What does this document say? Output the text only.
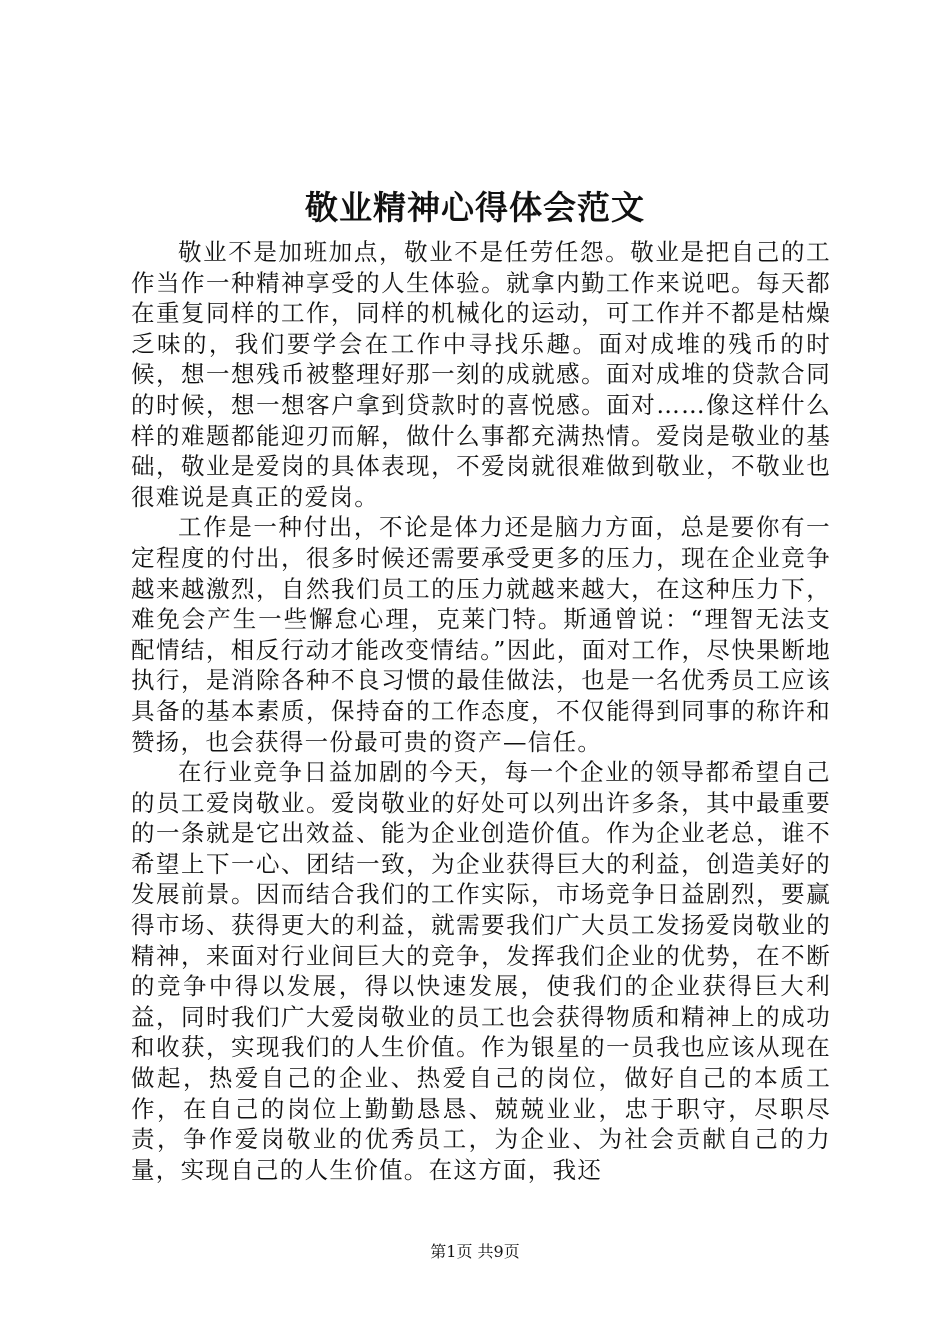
敬业精神心得体会范文

敬业不是加班加点，敬业不是任劳任怨。敬业是把自己的工作当作一种精神享受的人生体验。就拿内勤工作来说吧。每天都在重复同样的工作，同样的机械化的运动，可工作并不都是枯燥乏味的，我们要学会在工作中寻找乐趣。面对成堆的残币的时候，想一想残币被整理好那一刻的成就感。面对成堆的贷款合同的时候，想一想客户拿到贷款时的喜悦感。面对……像这样什么样的难题都能迎刃而解，做什么事都充满热情。爱岗是敬业的基础，敬业是爱岗的具体表现，不爱岗就很难做到敬业，不敬业也很难说是真正的爱岗。

工作是一种付出，不论是体力还是脑力方面，总是要你有一定程度的付出，很多时候还需要承受更多的压力，现在企业竞争越来越激烈，自然我们员工的压力就越来越大，在这种压力下，难免会产生一些懈怠心理，克莱门特。斯通曾说：“理智无法支配情结，相反行动才能改变情结。”因此，面对工作，尽快果断地执行，是消除各种不良习惯的最佳做法，也是一名优秀员工应该具备的基本素质，保持奋的工作态度，不仅能得到同事的称许和赞扬，也会获得一份最可贵的资产—信任。

在行业竞争日益加剧的今天，每一个企业的领导都希望自己的员工爱岗敬业。爱岗敬业的好处可以列出许多条，其中最重要的一条就是它出效益、能为企业创造价值。作为企业老总，谁不希望上下一心、团结一致，为企业获得巨大的利益，创造美好的发展前景。因而结合我们的工作实际，市场竞争日益剧烈，要赢得市场、获得更大的利益，就需要我们广大员工发扬爱岗敬业的精神，来面对行业间巨大的竞争，发挥我们企业的优势，在不断的竞争中得以发展，得以快速发展，使我们的企业获得巨大利益，同时我们广大爱岗敬业的员工也会获得物质和精神上的成功和收获，实现我们的人生价值。作为银星的一员我也应该从现在做起，热爱自己的企业、热爱自己的岗位，做好自己的本质工作，在自己的岗位上勤勤恳恳、兢兢业业，忠于职守，尽职尽责，争作爱岗敬业的优秀员工，为企业、为社会贡献自己的力量，实现自己的人生价值。在这方面，我还

第1页 共9页
